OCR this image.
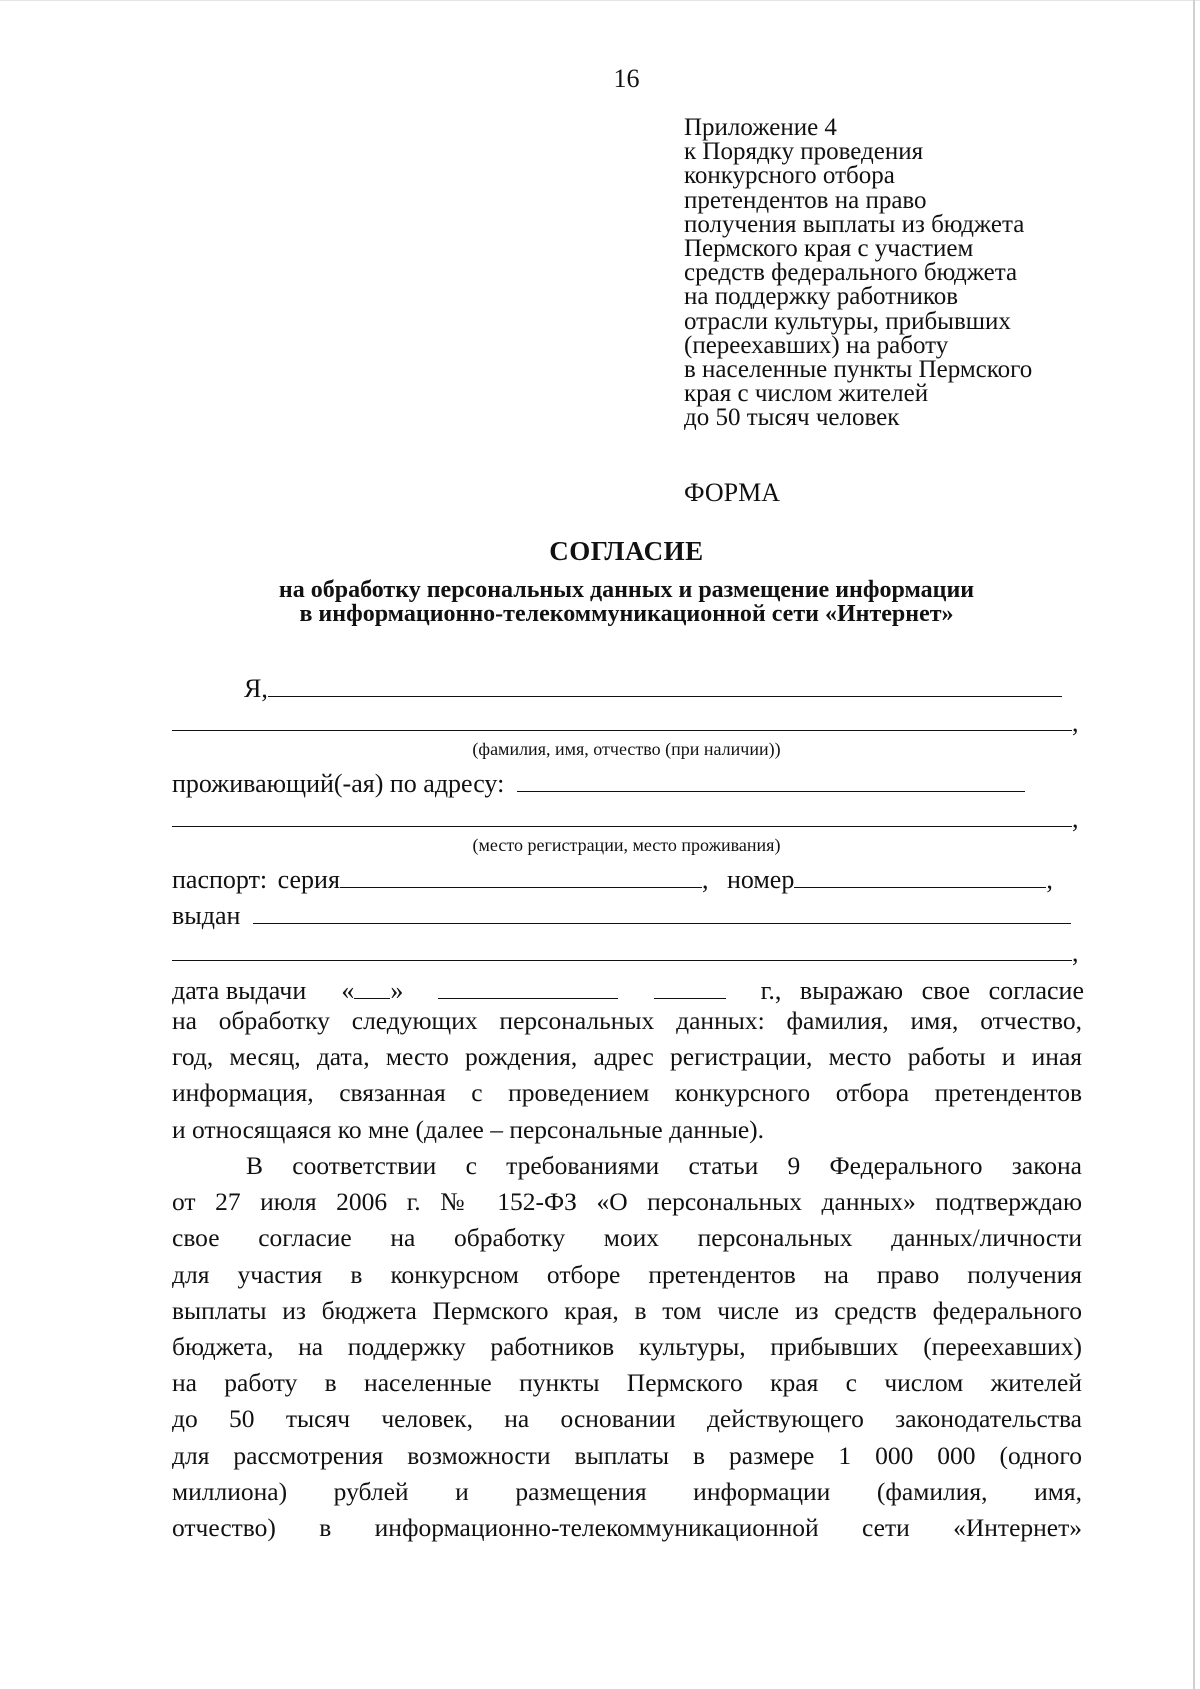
16
Приложение 4
к Порядку проведения
конкурсного отбора
претендентов на право
получения выплаты из бюджета
Пермского края с участием
средств федерального бюджета
на поддержку работников
отрасли культуры, прибывших
(переехавших) на работу
в населенные пункты Пермского
края с числом жителей
до 50 тысяч человек
ФОРМА
СОГЛАСИЕ
на обработку персональных данных и размещение информации
в информационно-телекоммуникационной сети «Интернет»
Я,
,
(фамилия, имя, отчество (при наличии))
проживающий(-ая) по адресу:
,
(место регистрации, место проживания)
паспорт: серия	, номер	,
выдан
,
дата выдачи « »	г., выражаю свое согласие
на обработку следующих персональных данных: фамилия, имя, отчество,
год, месяц, дата, место рождения, адрес регистрации, место работы и иная
информация, связанная с проведением конкурсного отбора претендентов
и относящаяся ко мне (далее – персональные данные).
В соответствии с требованиями статьи 9 Федерального закона
от 27 июля 2006 г. № 152-ФЗ «О персональных данных» подтверждаю
свое согласие на обработку моих персональных данных/личности
для участия в конкурсном отборе претендентов на право получения
выплаты из бюджета Пермского края, в том числе из средств федерального
бюджета, на поддержку работников культуры, прибывших (переехавших)
на работу в населенные пункты Пермского края с числом жителей
до 50 тысяч человек, на основании действующего законодательства
для рассмотрения возможности выплаты в размере 1 000 000 (одного
миллиона) рублей и размещения информации (фамилия, имя,
отчество) в информационно-телекоммуникационной сети «Интернет»
